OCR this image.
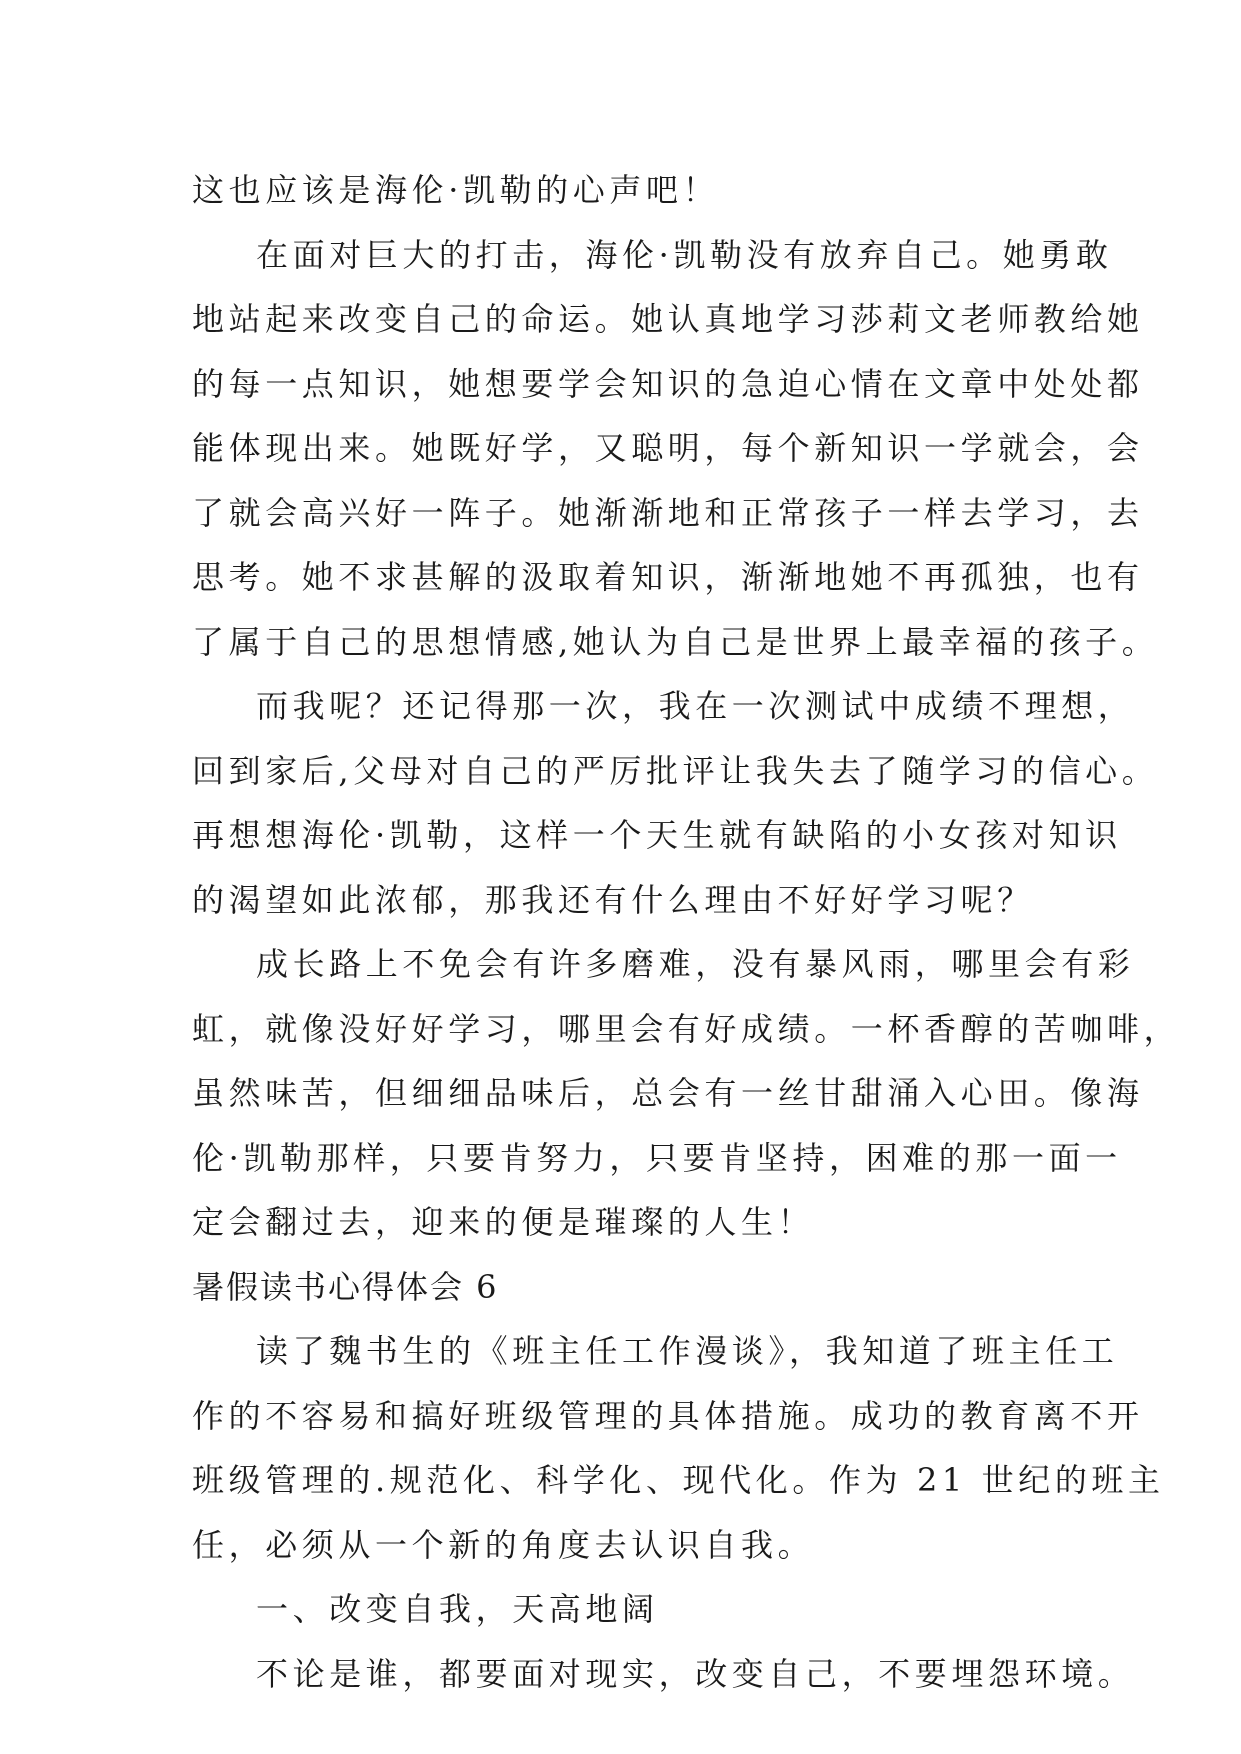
这也应该是海伦·凯勒的心声吧！
在面对巨大的打击，海伦·凯勒没有放弃自己。她勇敢
地站起来改变自己的命运。她认真地学习莎莉文老师教给她
的每一点知识，她想要学会知识的急迫心情在文章中处处都
能体现出来。她既好学，又聪明，每个新知识一学就会，会
了就会高兴好一阵子。她渐渐地和正常孩子一样去学习，去
思考。她不求甚解的汲取着知识，渐渐地她不再孤独，也有
了属于自己的思想情感,她认为自己是世界上最幸福的孩子。
而我呢？还记得那一次，我在一次测试中成绩不理想，
回到家后,父母对自己的严厉批评让我失去了随学习的信心。
再想想海伦·凯勒，这样一个天生就有缺陷的小女孩对知识
的渴望如此浓郁，那我还有什么理由不好好学习呢？
成长路上不免会有许多磨难，没有暴风雨，哪里会有彩
虹，就像没好好学习，哪里会有好成绩。一杯香醇的苦咖啡，
虽然味苦，但细细品味后，总会有一丝甘甜涌入心田。像海
伦·凯勒那样，只要肯努力，只要肯坚持，困难的那一面一
定会翻过去，迎来的便是璀璨的人生！
暑假读书心得体会 6
读了魏书生的《班主任工作漫谈》，我知道了班主任工
作的不容易和搞好班级管理的具体措施。成功的教育离不开
班级管理的.规范化、科学化、现代化。作为 21 世纪的班主
任，必须从一个新的角度去认识自我。
一、改变自我，天高地阔
不论是谁，都要面对现实，改变自己，不要埋怨环境。
